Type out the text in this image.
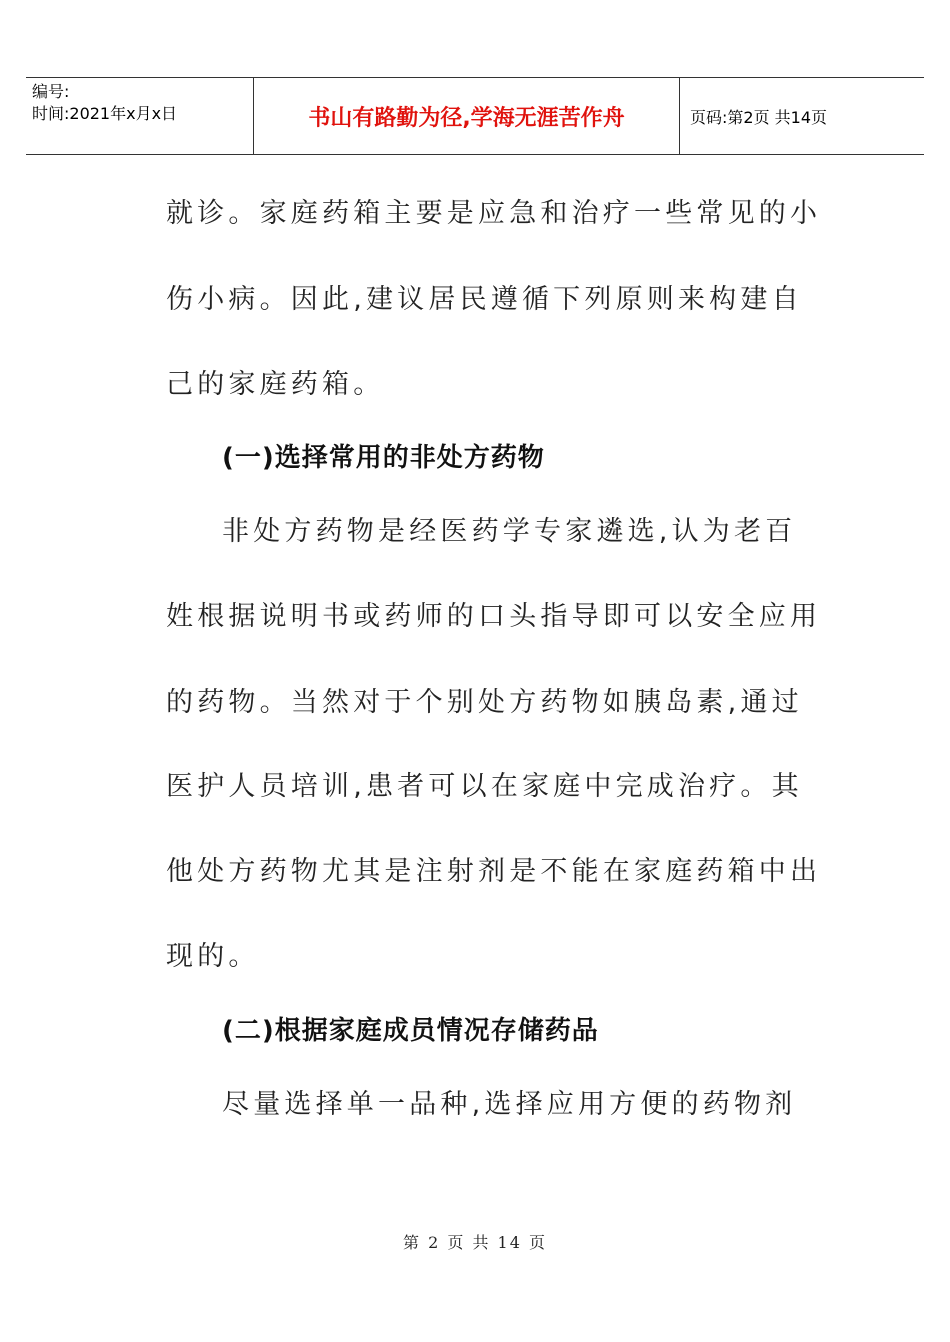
编号:
时间:2021年x月x日	书山有路勤为径,学海无涯苦作舟	页码:第2页 共14页
就诊。家庭药箱主要是应急和治疗一些常见的小
伤小病。因此,建议居民遵循下列原则来构建自
己的家庭药箱。
(一)选择常用的非处方药物
非处方药物是经医药学专家遴选,认为老百
姓根据说明书或药师的口头指导即可以安全应用
的药物。当然对于个别处方药物如胰岛素,通过
医护人员培训,患者可以在家庭中完成治疗。其
他处方药物尤其是注射剂是不能在家庭药箱中出
现的。
(二)根据家庭成员情况存储药品
尽量选择单一品种,选择应用方便的药物剂
第 2 页 共 14 页
